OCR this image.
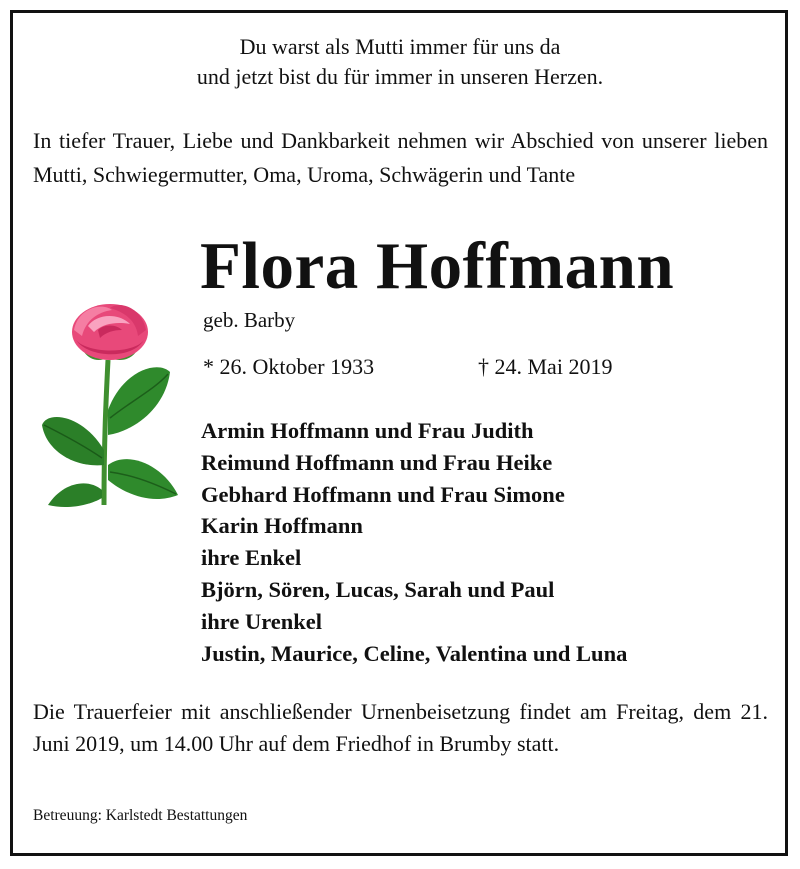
Du warst als Mutti immer für uns da
und jetzt bist du für immer in unseren Herzen.
In tiefer Trauer, Liebe und Dankbarkeit nehmen wir Abschied von unserer lieben Mutti, Schwiegermutter, Oma, Uroma, Schwägerin und Tante
Flora Hoffmann
geb. Barby
* 26. Oktober 1933	† 24. Mai 2019
Armin Hoffmann und Frau Judith
Reimund Hoffmann und Frau Heike
Gebhard Hoffmann und Frau Simone
Karin Hoffmann
ihre Enkel
Björn, Sören, Lucas, Sarah und Paul
ihre Urenkel
Justin, Maurice, Celine, Valentina und Luna
Die Trauerfeier mit anschließender Urnenbeisetzung findet am Freitag, dem 21. Juni 2019, um 14.00 Uhr auf dem Friedhof in Brumby statt.
Betreuung: Karlstedt Bestattungen
